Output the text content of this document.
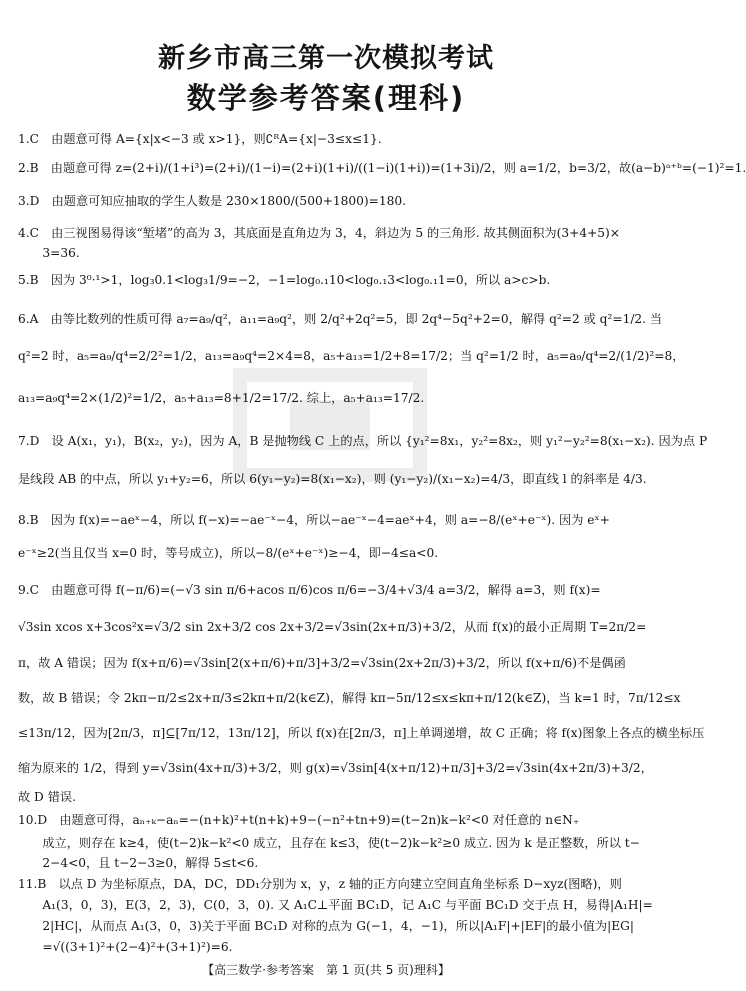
新乡市高三第一次模拟考试
数学参考答案(理科)
1.C　由题意可得 A={x|x<−3 或 x>1}，则∁ᴿA={x|−3≤x≤1}.
2.B　由题意可得 z=(2+i)/(1+i³)=(2+i)/(1−i)=(2+i)(1+i)/((1−i)(1+i))=(1+3i)/2，则 a=1/2，b=3/2，故(a−b)ᵃ⁺ᵇ=(−1)²=1.
3.D　由题意可知应抽取的学生人数是 230×1800/(500+1800)=180.
4.C　由三视图易得该“堑堵”的高为 3，其底面是直角边为 3，4，斜边为 5 的三角形. 故其侧面积为(3+4+5)×
　　3=36.
5.B　因为 3⁰·¹>1，log₃0.1<log₃1/9=−2，−1=log₀.₁10<log₀.₁3<log₀.₁1=0，所以 a>c>b.
6.A　由等比数列的性质可得 a₇=a₉/q²，a₁₁=a₉q²，则 2/q²+2q²=5，即 2q⁴−5q²+2=0，解得 q²=2 或 q²=1/2. 当
q²=2 时，a₅=a₉/q⁴=2/2²=1/2，a₁₃=a₉q⁴=2×4=8，a₅+a₁₃=1/2+8=17/2；当 q²=1/2 时，a₅=a₉/q⁴=2/(1/2)²=8，
a₁₃=a₉q⁴=2×(1/2)²=1/2，a₅+a₁₃=8+1/2=17/2. 综上，a₅+a₁₃=17/2.
7.D　设 A(x₁，y₁)，B(x₂，y₂)，因为 A，B 是抛物线 C 上的点，所以 {y₁²=8x₁，y₂²=8x₂，则 y₁²−y₂²=8(x₁−x₂). 因为点 P
是线段 AB 的中点，所以 y₁+y₂=6，所以 6(y₁−y₂)=8(x₁−x₂)，则 (y₁−y₂)/(x₁−x₂)=4/3，即直线 l 的斜率是 4/3.
8.B　因为 f(x)=−aeˣ−4，所以 f(−x)=−ae⁻ˣ−4，所以−ae⁻ˣ−4=aeˣ+4，则 a=−8/(eˣ+e⁻ˣ). 因为 eˣ+
e⁻ˣ≥2(当且仅当 x=0 时，等号成立)，所以−8/(eˣ+e⁻ˣ)≥−4，即−4≤a<0.
9.C　由题意可得 f(−π/6)=(−√3 sin π/6+acos π/6)cos π/6=−3/4+√3/4 a=3/2，解得 a=3，则 f(x)=
√3sin xcos x+3cos²x=√3/2 sin 2x+3/2 cos 2x+3/2=√3sin(2x+π/3)+3/2，从而 f(x)的最小正周期 T=2π/2=
π，故 A 错误；因为 f(x+π/6)=√3sin[2(x+π/6)+π/3]+3/2=√3sin(2x+2π/3)+3/2，所以 f(x+π/6)不是偶函
数，故 B 错误；令 2kπ−π/2≤2x+π/3≤2kπ+π/2(k∈Z)，解得 kπ−5π/12≤x≤kπ+π/12(k∈Z)，当 k=1 时，7π/12≤x
≤13π/12，因为[2π/3，π]⊆[7π/12，13π/12]，所以 f(x)在[2π/3，π]上单调递增，故 C 正确；将 f(x)图象上各点的横坐标压
缩为原来的 1/2，得到 y=√3sin(4x+π/3)+3/2，则 g(x)=√3sin[4(x+π/12)+π/3]+3/2=√3sin(4x+2π/3)+3/2，
故 D 错误.
10.D　由题意可得，aₙ₊ₖ−aₙ=−(n+k)²+t(n+k)+9−(−n²+tn+9)=(t−2n)k−k²<0 对任意的 n∈N₊
　　成立，则存在 k≥4，使(t−2)k−k²<0 成立，且存在 k≤3，使(t−2)k−k²≥0 成立. 因为 k 是正整数，所以 t−
　　2−4<0，且 t−2−3≥0，解得 5≤t<6.
11.B　以点 D 为坐标原点，DA，DC，DD₁分别为 x，y，z 轴的正方向建立空间直角坐标系 D−xyz(图略)，则
　　A₁(3，0，3)，E(3，2，3)，C(0，3，0). 又 A₁C⊥平面 BC₁D，记 A₁C 与平面 BC₁D 交于点 H，易得|A₁H|=
　　2|HC|，从而点 A₁(3，0，3)关于平面 BC₁D 对称的点为 G(−1，4，−1)，所以|A₁F|+|EF|的最小值为|EG|
　　=√((3+1)²+(2−4)²+(3+1)²)=6.
【高三数学·参考答案　第 1 页(共 5 页)理科】
